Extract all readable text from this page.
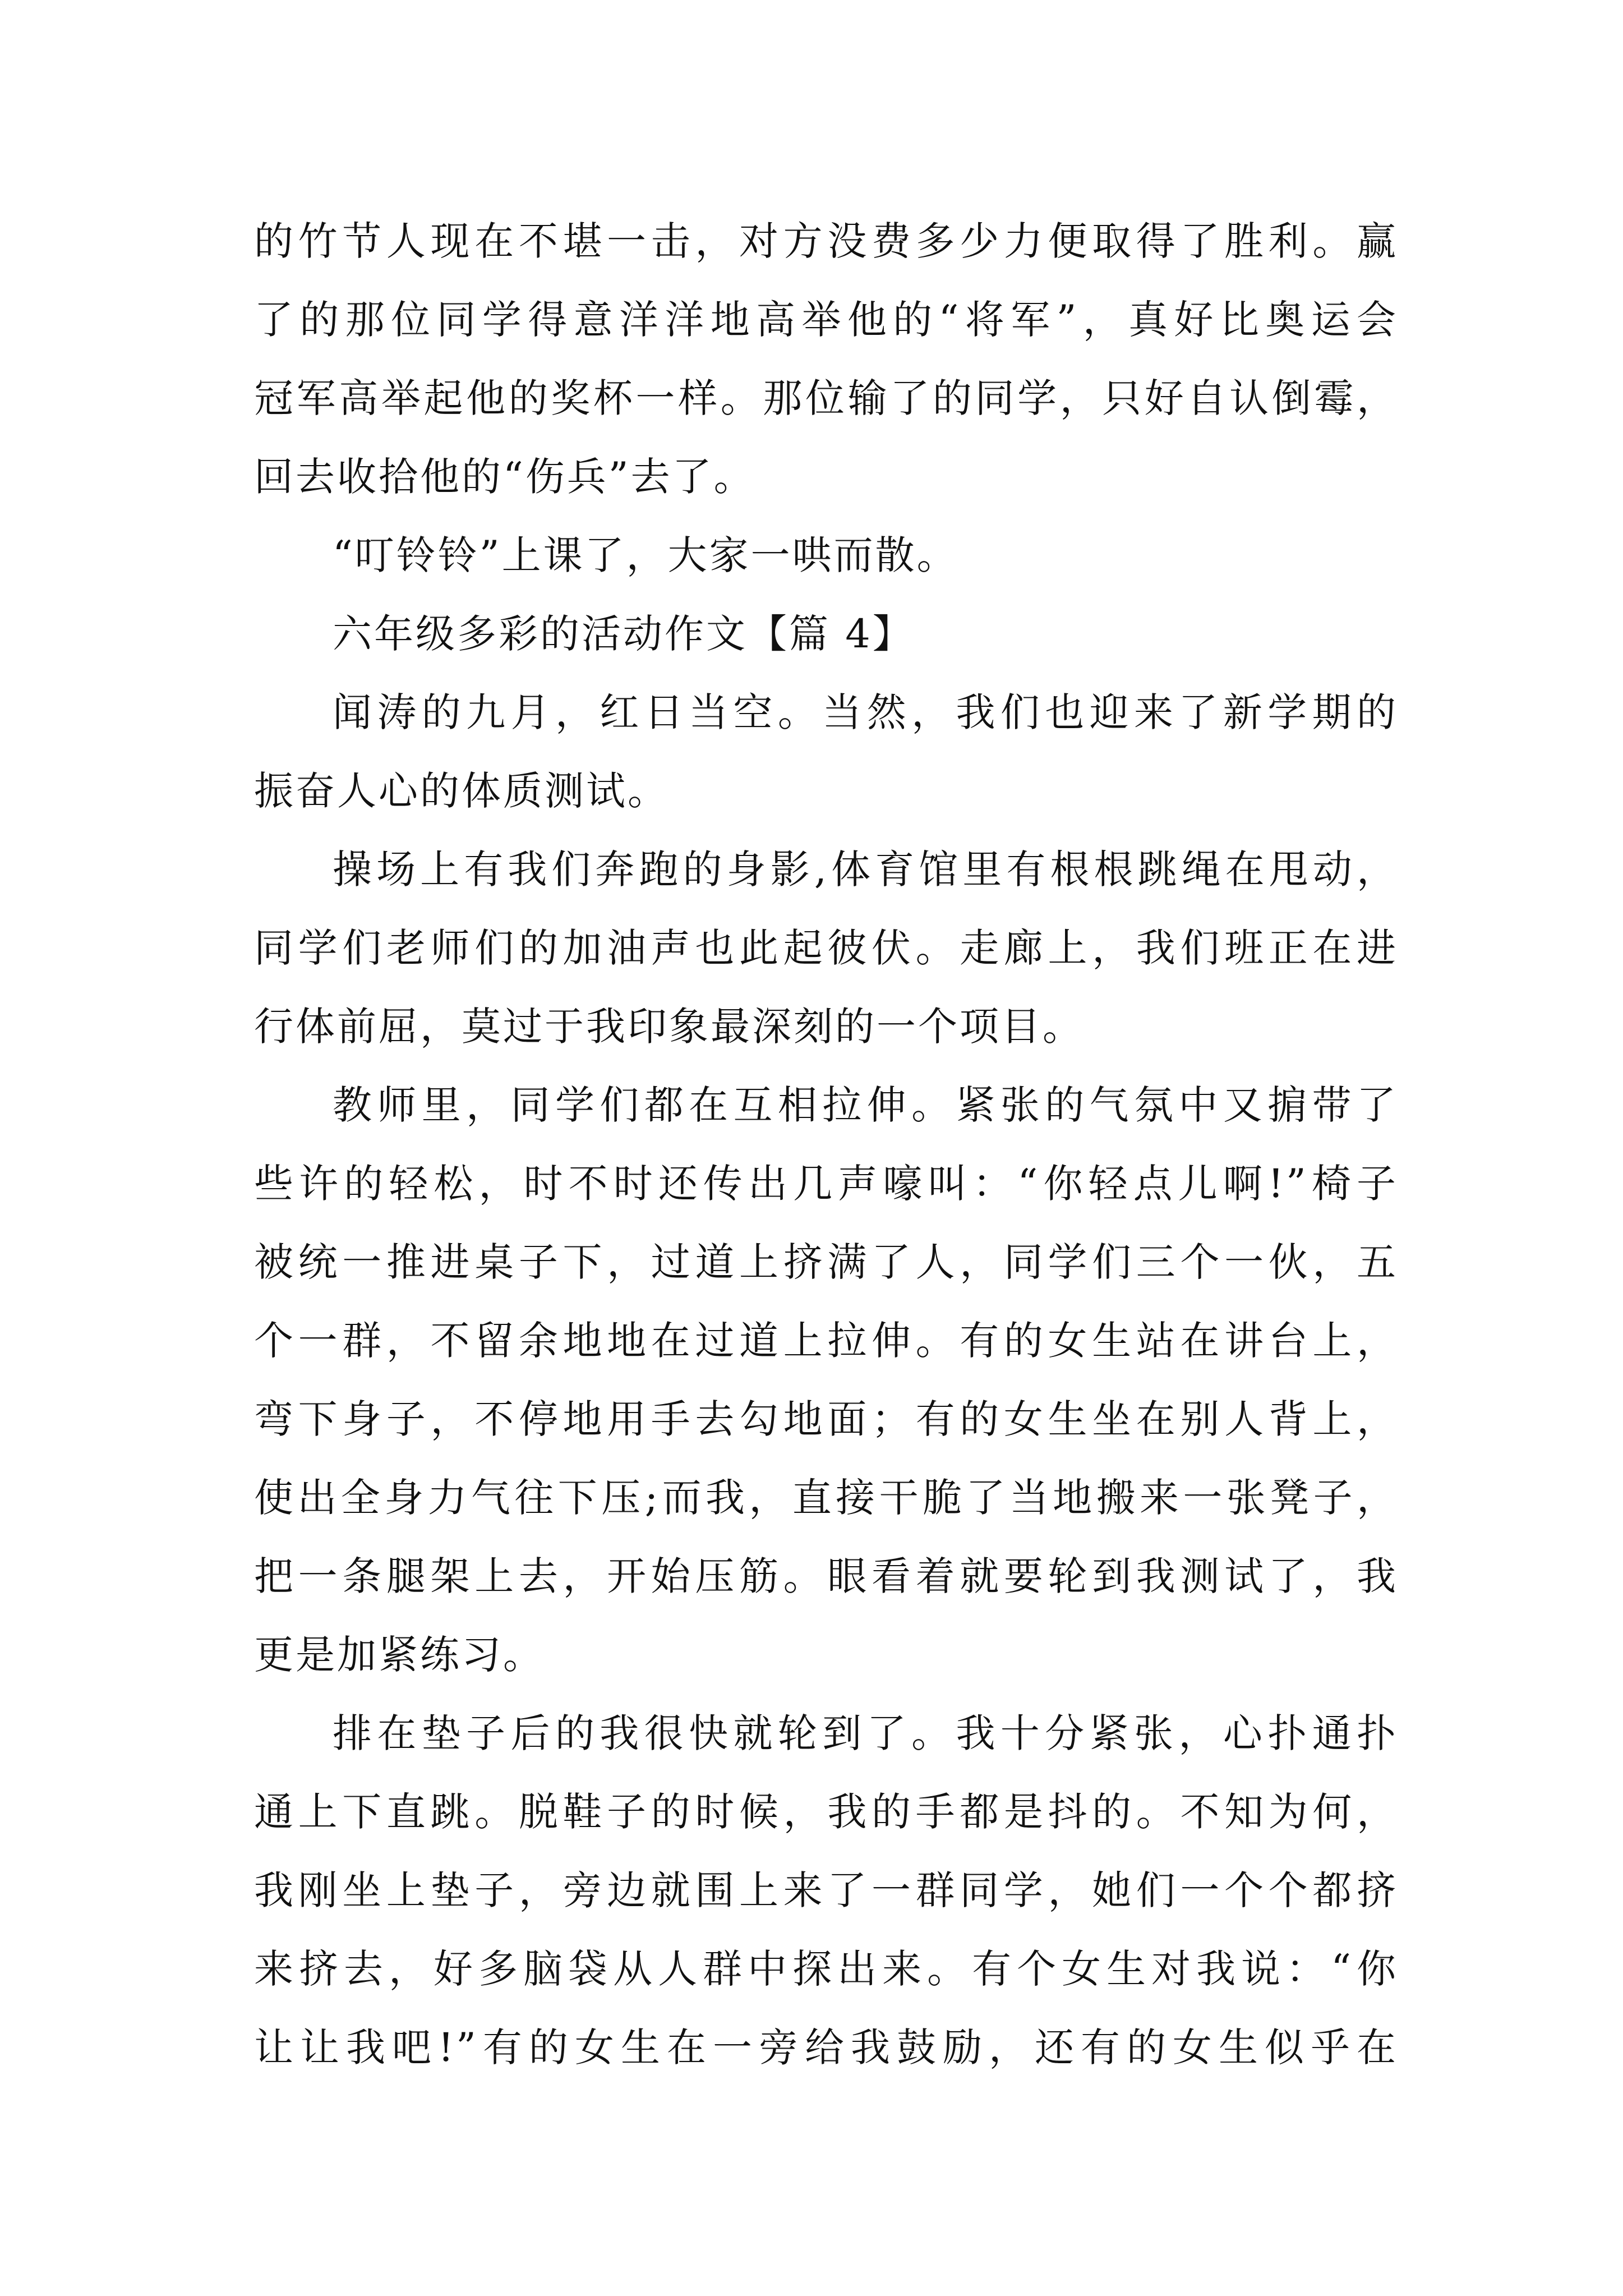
的竹节人现在不堪一击，对方没费多少力便取得了胜利。赢
了的那位同学得意洋洋地高举他的“将军”，真好比奥运会
冠军高举起他的奖杯一样。那位输了的同学，只好自认倒霉，
回去收拾他的“伤兵”去了。
“叮铃铃”上课了，大家一哄而散。
六年级多彩的活动作文【篇 4】
闻涛的九月，红日当空。当然，我们也迎来了新学期的
振奋人心的体质测试。
操场上有我们奔跑的身影,体育馆里有根根跳绳在甩动，
同学们老师们的加油声也此起彼伏。走廊上，我们班正在进
行体前屈，莫过于我印象最深刻的一个项目。
教师里，同学们都在互相拉伸。紧张的气氛中又掮带了
些许的轻松，时不时还传出几声嚎叫：“你轻点儿啊!”椅子
被统一推进桌子下，过道上挤满了人，同学们三个一伙，五
个一群，不留余地地在过道上拉伸。有的女生站在讲台上，
弯下身子，不停地用手去勾地面；有的女生坐在别人背上，
使出全身力气往下压;而我，直接干脆了当地搬来一张凳子，
把一条腿架上去，开始压筋。眼看着就要轮到我测试了，我
更是加紧练习。
排在垫子后的我很快就轮到了。我十分紧张，心扑通扑
通上下直跳。脱鞋子的时候，我的手都是抖的。不知为何，
我刚坐上垫子，旁边就围上来了一群同学，她们一个个都挤
来挤去，好多脑袋从人群中探出来。有个女生对我说：“你
让让我吧!”有的女生在一旁给我鼓励，还有的女生似乎在
